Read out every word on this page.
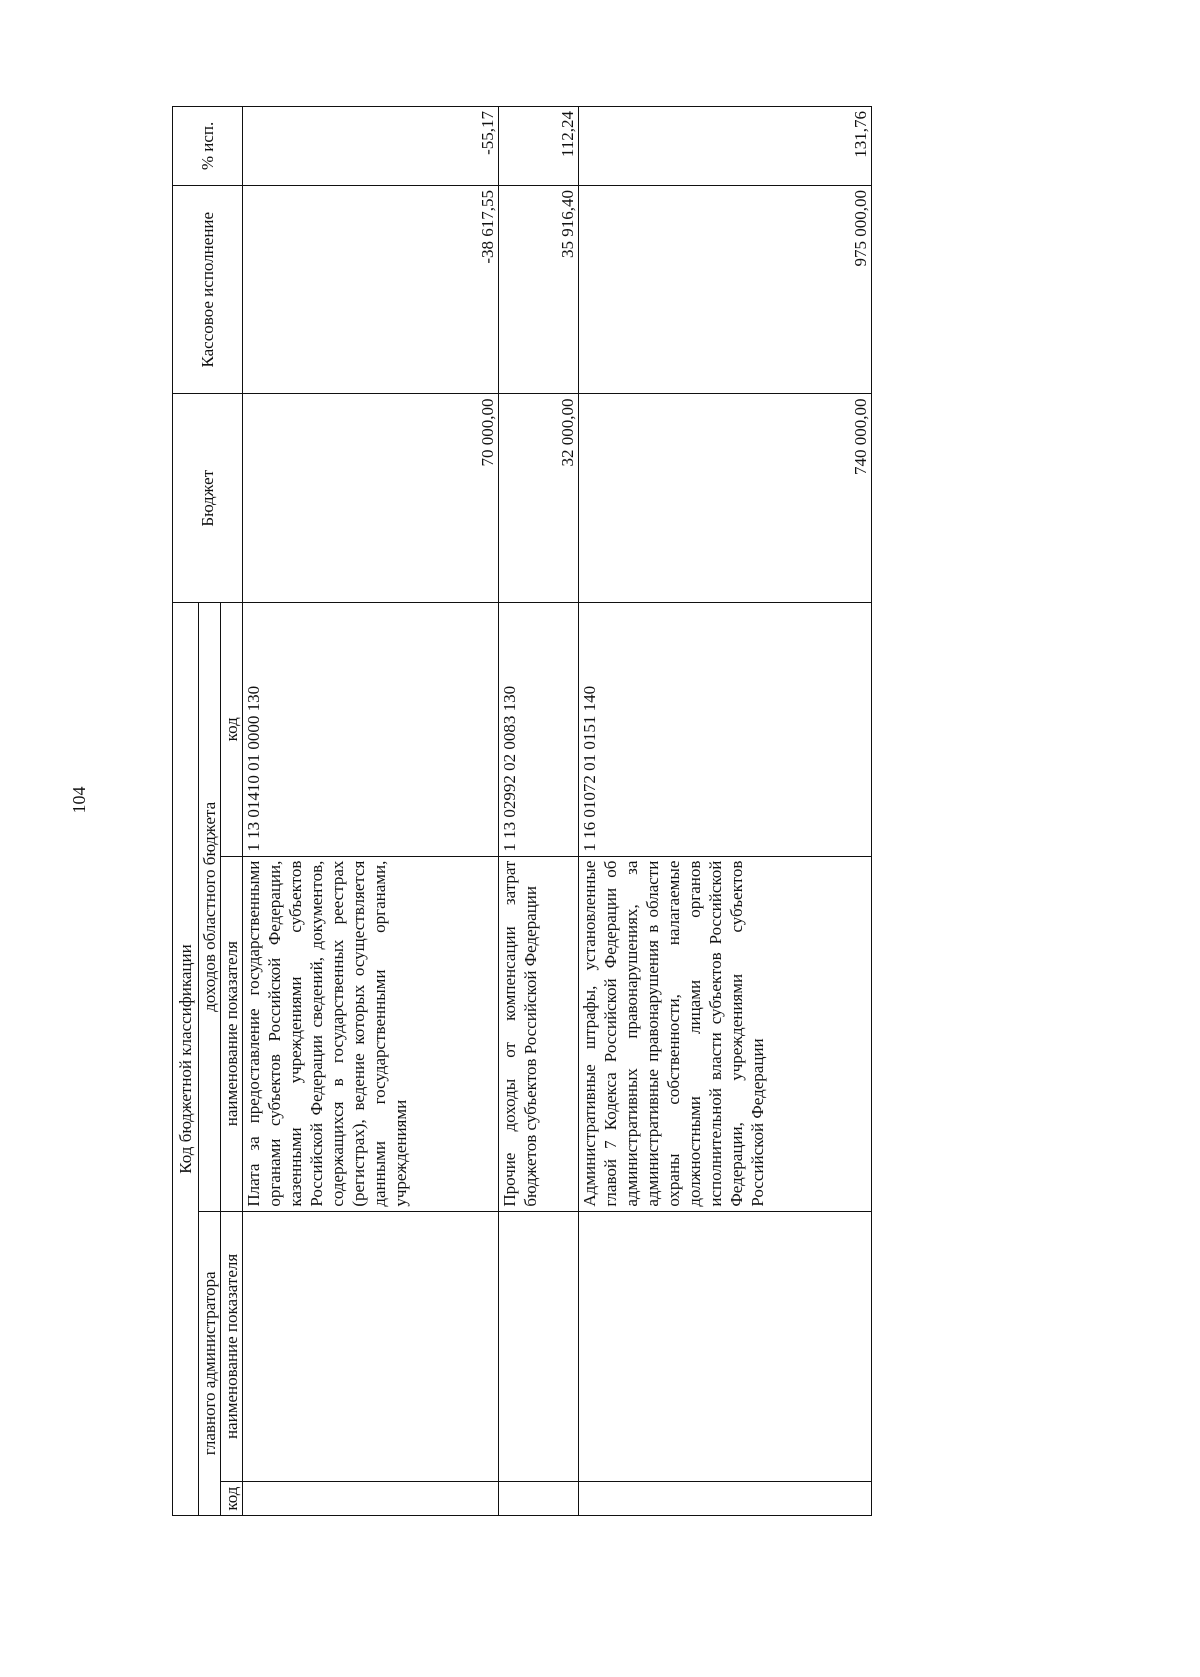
104
Код бюджетной классификации				Бюджет	Кассовое исполнение	% исп.
главного администратора		доходов областного бюджета				
код	наименование показателя	наименование показателя	код			
		Плата за предоставление государственными органами субъектов Российской Федерации, казенными учреждениями субъектов Российской Федерации сведений, документов, содержащихся в государственных реестрах (регистрах), ведение которых осуществляется данными государственными органами, учреждениями	1 13 01410 01 0000 130	70 000,00	-38 617,55	-55,17
		Прочие доходы от компенсации затрат бюджетов субъектов Российской Федерации	1 13 02992 02 0083 130	32 000,00	35 916,40	112,24
		Административные штрафы, установленные главой 7 Кодекса Российской Федерации об административных правонарушениях, за административные правонарушения в области охраны собственности, налагаемые должностными лицами органов исполнительной власти субъектов Российской Федерации, учреждениями субъектов Российской Федерации	1 16 01072 01 0151 140	740 000,00	975 000,00	131,76
